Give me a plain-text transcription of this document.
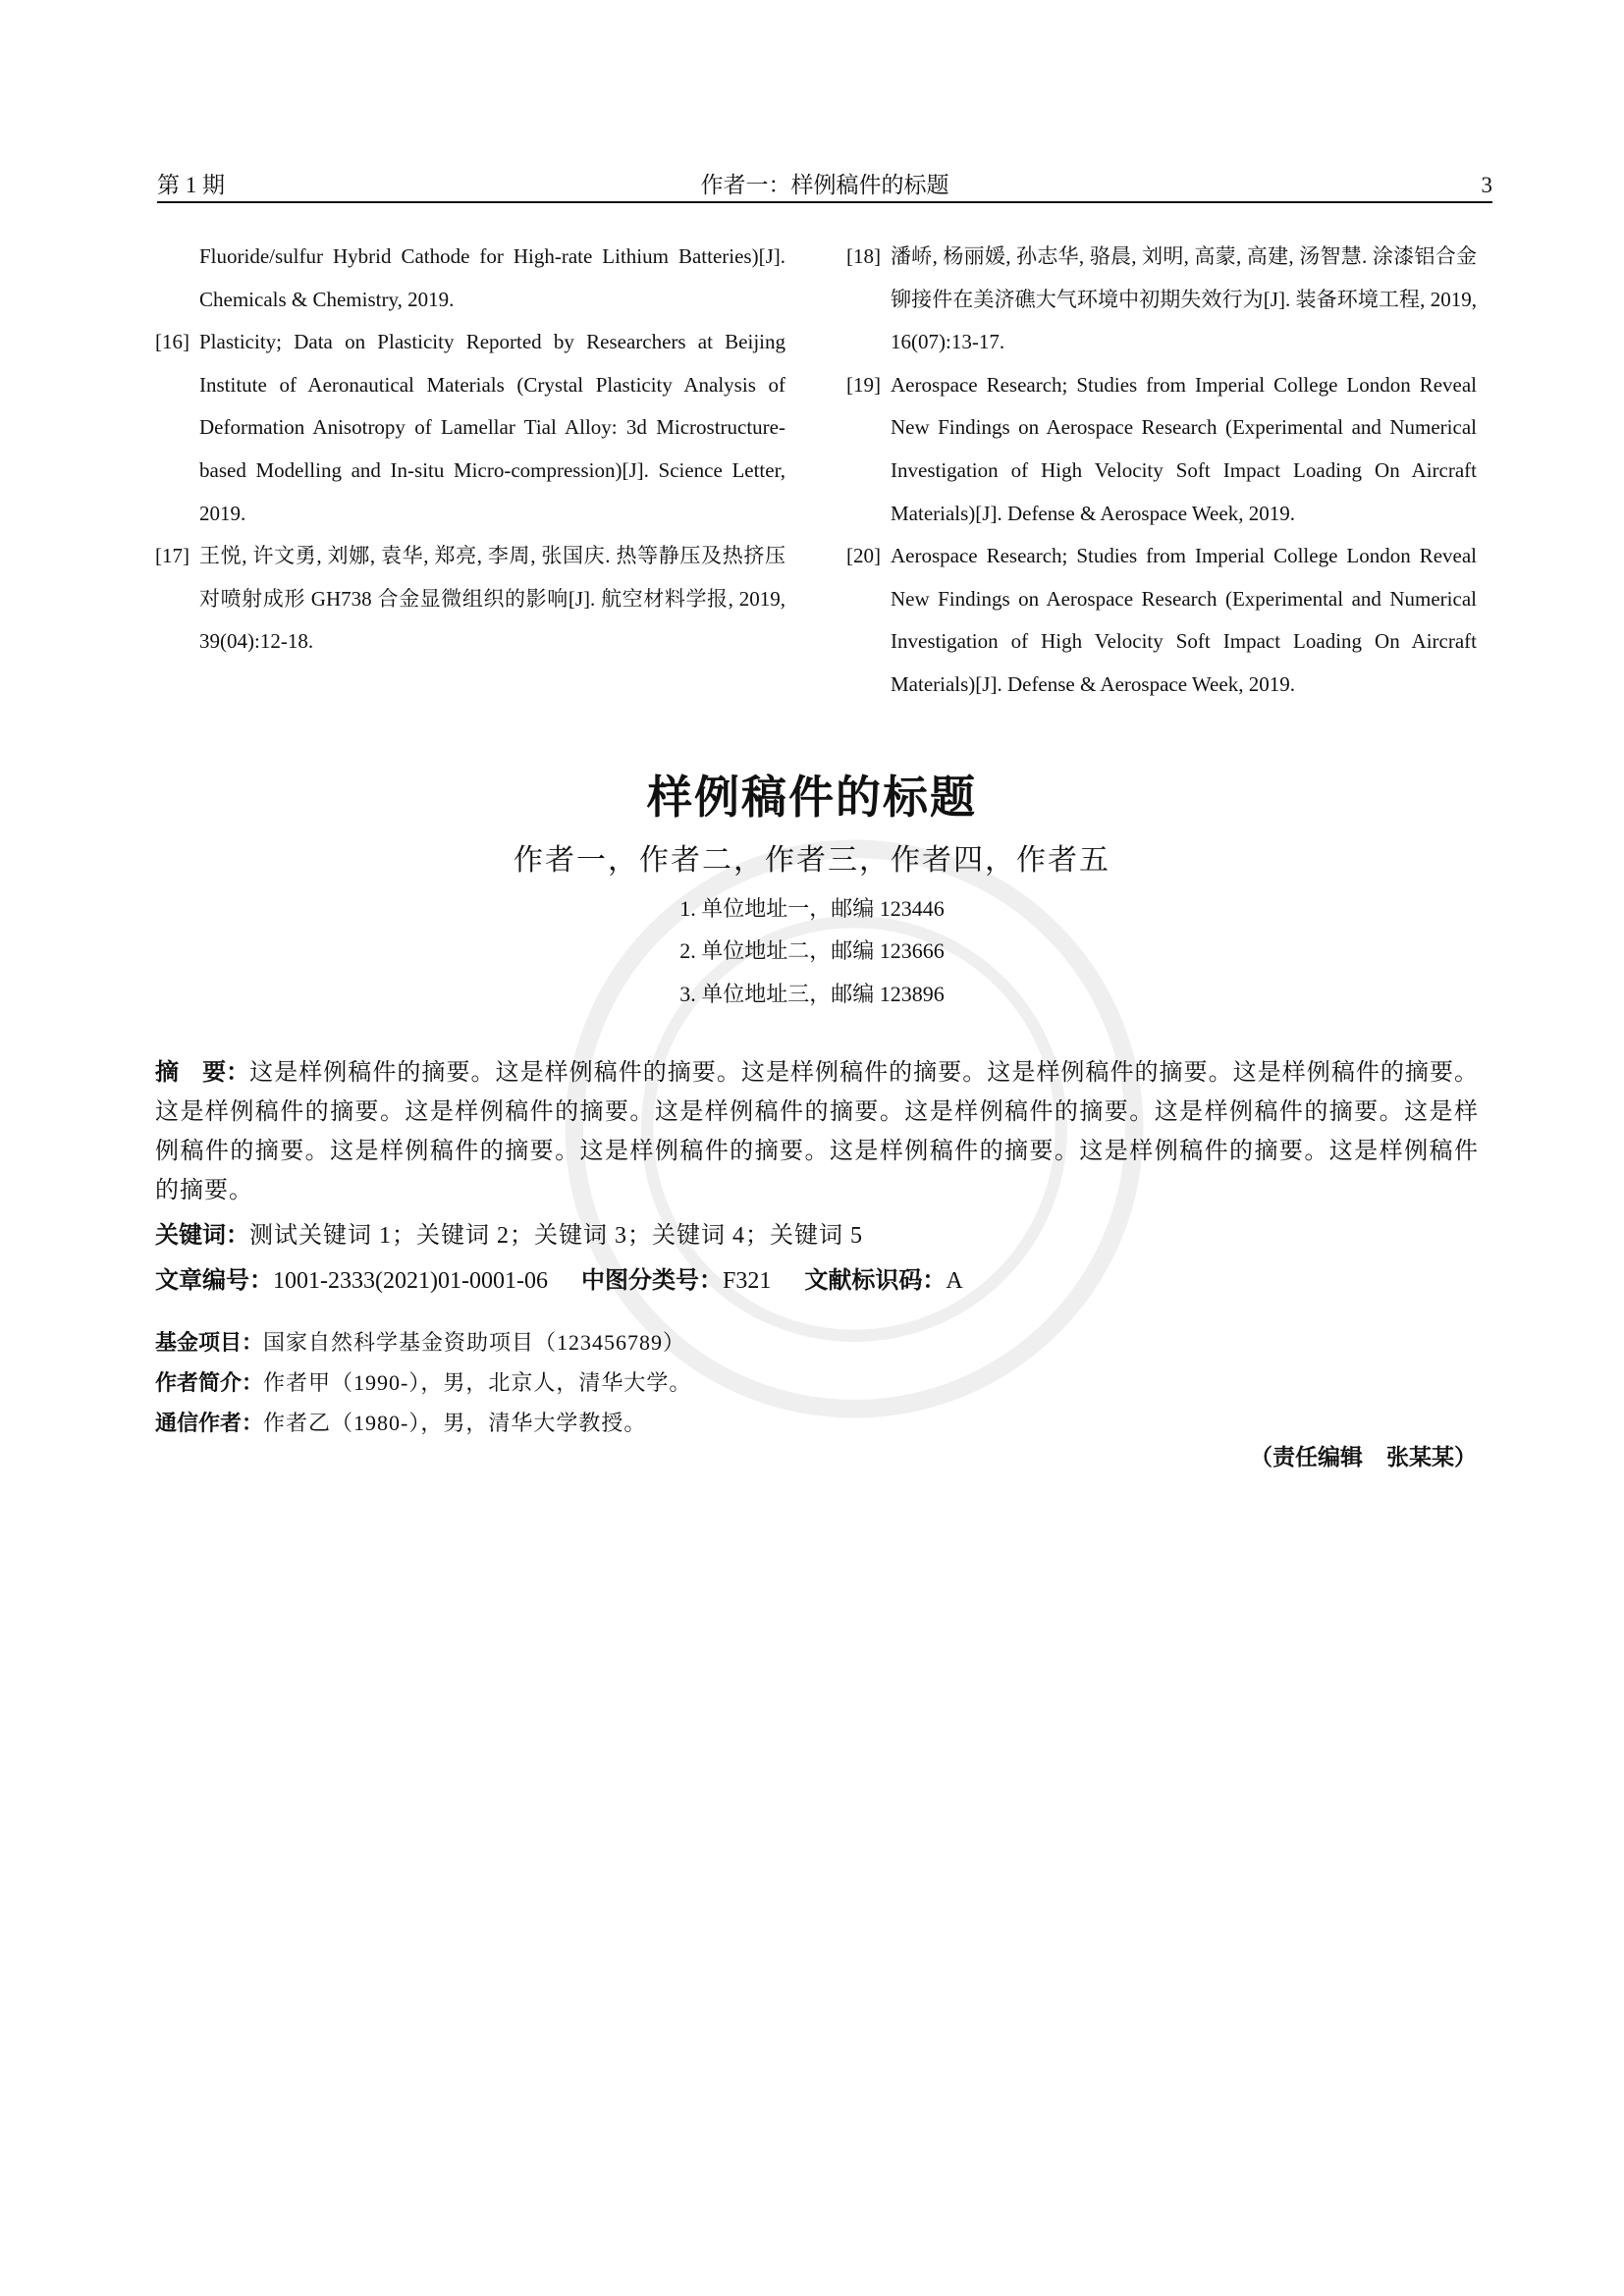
第 1 期	作者一：样例稿件的标题	3
Fluoride/sulfur Hybrid Cathode for High-rate Lithium Batteries)[J]. Chemicals & Chemistry, 2019.
[16] Plasticity; Data on Plasticity Reported by Researchers at Beijing Institute of Aeronautical Materials (Crystal Plasticity Analysis of Deformation Anisotropy of Lamellar Tial Alloy: 3d Microstructure-based Modelling and In-situ Micro-compression)[J]. Science Letter, 2019.
[17] 王悦, 许文勇, 刘娜, 袁华, 郑亮, 李周, 张国庆. 热等静压及热挤压对喷射成形 GH738 合金显微组织的影响[J]. 航空材料学报, 2019, 39(04):12-18.
[18] 潘峤, 杨丽媛, 孙志华, 骆晨, 刘明, 高蒙, 高建, 汤智慧. 涂漆铝合金铆接件在美济礁大气环境中初期失效行为[J]. 装备环境工程, 2019, 16(07):13-17.
[19] Aerospace Research; Studies from Imperial College London Reveal New Findings on Aerospace Research (Experimental and Numerical Investigation of High Velocity Soft Impact Loading On Aircraft Materials)[J]. Defense & Aerospace Week, 2019.
[20] Aerospace Research; Studies from Imperial College London Reveal New Findings on Aerospace Research (Experimental and Numerical Investigation of High Velocity Soft Impact Loading On Aircraft Materials)[J]. Defense & Aerospace Week, 2019.
样例稿件的标题
作者一，作者二，作者三，作者四，作者五
1. 单位地址一，邮编 123446
2. 单位地址二，邮编 123666
3. 单位地址三，邮编 123896
摘　要：这是样例稿件的摘要。这是样例稿件的摘要。这是样例稿件的摘要。这是样例稿件的摘要。这是样例稿件的摘要。这是样例稿件的摘要。这是样例稿件的摘要。这是样例稿件的摘要。这是样例稿件的摘要。这是样例稿件的摘要。这是样例稿件的摘要。这是样例稿件的摘要。这是样例稿件的摘要。这是样例稿件的摘要。这是样例稿件的摘要。这是样例稿件的摘要。
关键词：测试关键词 1；关键词 2；关键词 3；关键词 4；关键词 5
文章编号：1001-2333(2021)01-0001-06 中图分类号：F321 文献标识码：A
基金项目：国家自然科学基金资助项目（123456789）
作者简介：作者甲（1990-），男，北京人，清华大学。
通信作者：作者乙（1980-），男，清华大学教授。
（责任编辑 张某某）
